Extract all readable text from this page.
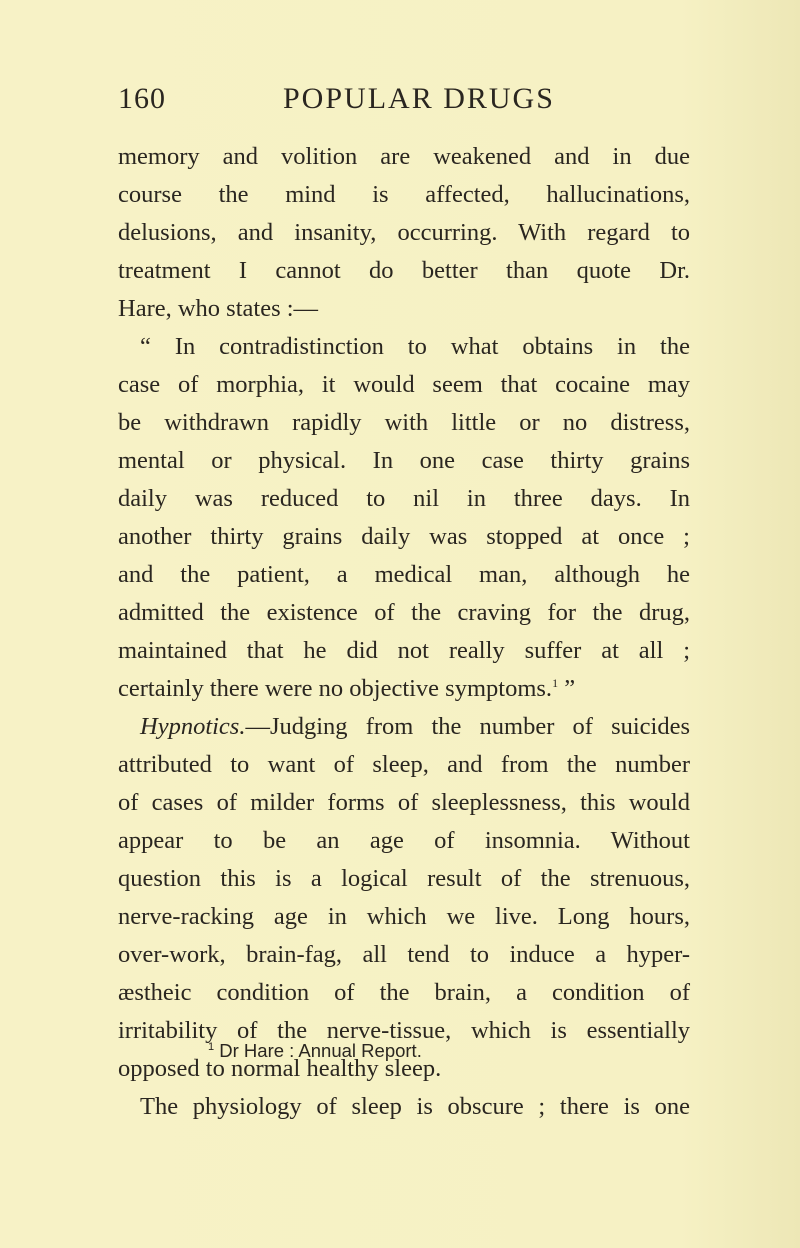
160	POPULAR DRUGS
memory and volition are weakened and in due
course the mind is affected, hallucinations,
delusions, and insanity, occurring. With regard to
treatment I cannot do better than quote Dr.
Hare, who states :—
“ In contradistinction to what obtains in the
case of morphia, it would seem that cocaine may
be withdrawn rapidly with little or no distress,
mental or physical. In one case thirty grains
daily was reduced to nil in three days. In
another thirty grains daily was stopped at once ;
and the patient, a medical man, although he
admitted the existence of the craving for the drug,
maintained that he did not really suffer at all ;
certainly there were no objective symptoms.$^1$ ”
Hypnotics.—Judging from the number of suicides
attributed to want of sleep, and from the number
of cases of milder forms of sleeplessness, this would
appear to be an age of insomnia. Without
question this is a logical result of the strenuous,
nerve-racking age in which we live. Long hours,
over-work, brain-fag, all tend to induce a hyper-
æstheic condition of the brain, a condition of
irritability of the nerve-tissue, which is essentially
opposed to normal healthy sleep.
The physiology of sleep is obscure ; there is one
$^1$ Dr Hare : Annual Report.
